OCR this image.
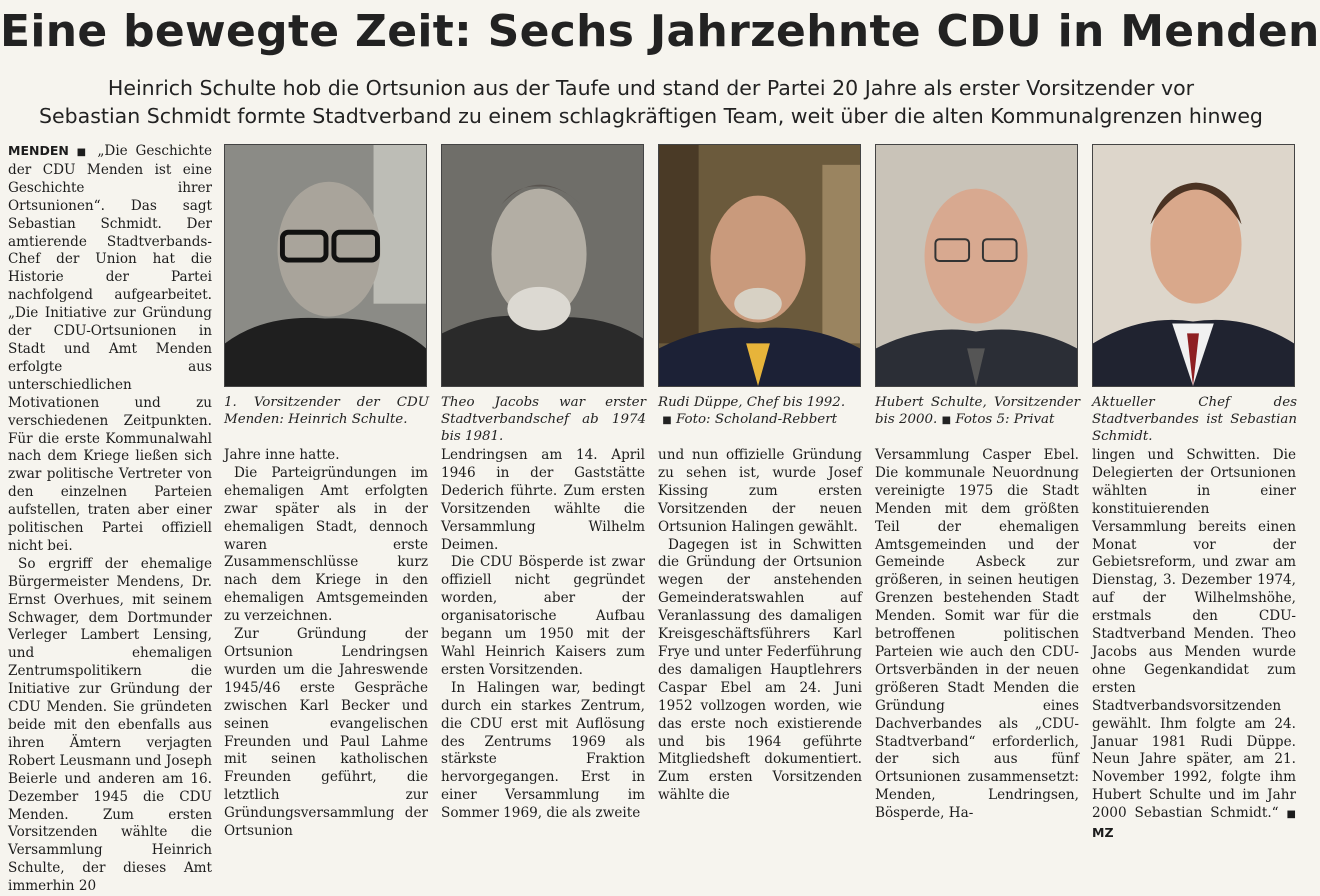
Eine bewegte Zeit: Sechs Jahrzehnte CDU in Menden
Heinrich Schulte hob die Ortsunion aus der Taufe und stand der Partei 20 Jahre als erster Vorsitzender vor
Sebastian Schmidt formte Stadtverband zu einem schlagkräftigen Team, weit über die alten Kommunalgrenzen hinweg

MENDEN ■ „Die Geschichte der CDU Menden ist eine Geschichte ihrer Ortsunionen“. Das sagt Sebastian Schmidt. Der amtierende Stadtverbands-Chef der Union hat die Historie der Partei nachfolgend aufgearbeitet. „Die Initiative zur Gründung der CDU-Ortsunionen in Stadt und Amt Menden erfolgte aus unterschiedlichen Motivationen und zu verschiedenen Zeitpunkten. Für die erste Kommunalwahl nach dem Kriege ließen sich zwar politische Vertreter von den einzelnen Parteien aufstellen, traten aber einer politischen Partei offiziell nicht bei.

So ergriff der ehemalige Bürgermeister Mendens, Dr. Ernst Overhues, mit seinem Schwager, dem Dortmunder Verleger Lambert Lensing, und ehemaligen Zentrumspolitikern die Initiative zur Gründung der CDU Menden. Sie gründeten beide mit den ebenfalls aus ihren Ämtern verjagten Robert Leusmann und Joseph Beierle und anderen am 16. Dezember 1945 die CDU Menden. Zum ersten Vorsitzenden wählte die Versammlung Heinrich Schulte, der dieses Amt immerhin 20

1. Vorsitzender der CDU Menden: Heinrich Schulte.
Theo Jacobs war erster Stadtverbandschef ab 1974 bis 1981.
Rudi Düppe, Chef bis 1992.
■ Foto: Scholand-Rebbert
Hubert Schulte, Vorsitzender bis 2000. ■ Fotos 5: Privat
Aktueller Chef des Stadtverbandes ist Sebastian Schmidt.

Jahre inne hatte.

Die Parteigründungen im ehemaligen Amt erfolgten zwar später als in der ehemaligen Stadt, dennoch waren erste Zusammenschlüsse kurz nach dem Kriege in den ehemaligen Amtsgemeinden zu verzeichnen.

Zur Gründung der Ortsunion Lendringsen wurden um die Jahreswende 1945/46 erste Gespräche zwischen Karl Becker und seinen evangelischen Freunden und Paul Lahme mit seinen katholischen Freunden geführt, die letztlich zur Gründungsversammlung der Ortsunion

Lendringsen am 14. April 1946 in der Gaststätte Dederich führte. Zum ersten Vorsitzenden wählte die Versammlung Wilhelm Deimen.

Die CDU Bösperde ist zwar offiziell nicht gegründet worden, aber der organisatorische Aufbau begann um 1950 mit der Wahl Heinrich Kaisers zum ersten Vorsitzenden.

In Halingen war, bedingt durch ein starkes Zentrum, die CDU erst mit Auflösung des Zentrums 1969 als stärkste Fraktion hervorgegangen. Erst in einer Versammlung im Sommer 1969, die als zweite

und nun offizielle Gründung zu sehen ist, wurde Josef Kissing zum ersten Vorsitzenden der neuen Ortsunion Halingen gewählt.

Dagegen ist in Schwitten die Gründung der Ortsunion wegen der anstehenden Gemeinderatswahlen auf Veranlassung des damaligen Kreisgeschäftsführers Karl Frye und unter Federführung des damaligen Hauptlehrers Caspar Ebel am 24. Juni 1952 vollzogen worden, wie das erste noch existierende und bis 1964 geführte Mitgliedsheft dokumentiert. Zum ersten Vorsitzenden wählte die

Versammlung Casper Ebel. Die kommunale Neuordnung vereinigte 1975 die Stadt Menden mit dem größten Teil der ehemaligen Amtsgemeinden und der Gemeinde Asbeck zur größeren, in seinen heutigen Grenzen bestehenden Stadt Menden. Somit war für die betroffenen politischen Parteien wie auch den CDU-Ortsverbänden in der neuen größeren Stadt Menden die Gründung eines Dachverbandes als „CDU-Stadtverband“ erforderlich, der sich aus fünf Ortsunionen zusammensetzt: Menden, Lendringsen, Bösperde, Ha-

lingen und Schwitten. Die Delegierten der Ortsunionen wählten in einer konstituierenden Versammlung bereits einen Monat vor der Gebietsreform, und zwar am Dienstag, 3. Dezember 1974, auf der Wilhelmshöhe, erstmals den CDU-Stadtverband Menden. Theo Jacobs aus Menden wurde ohne Gegenkandidat zum ersten Stadtverbandsvorsitzenden gewählt. Ihm folgte am 24. Januar 1981 Rudi Düppe. Neun Jahre später, am 21. November 1992, folgte ihm Hubert Schulte und im Jahr 2000 Sebastian Schmidt.“ ■ MZ
